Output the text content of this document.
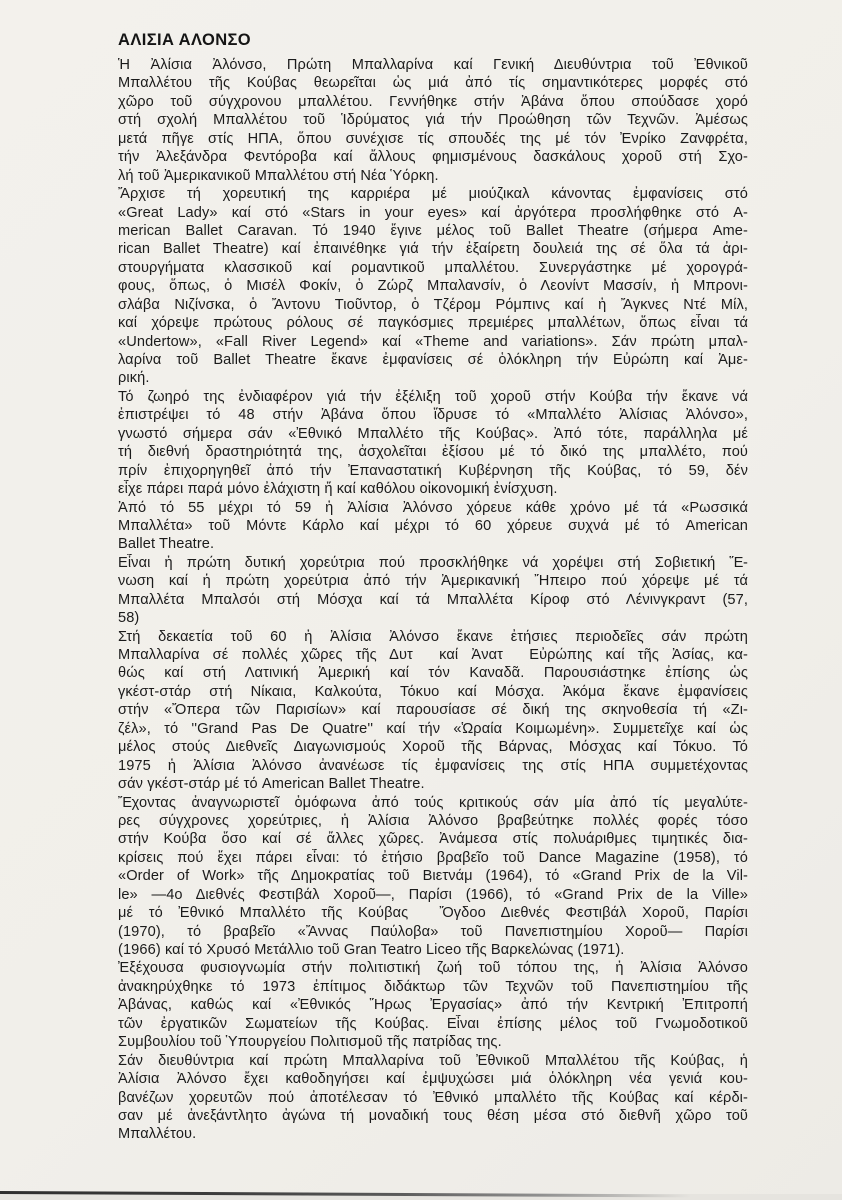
ΑΛΙΣΙΑ ΑΛΟΝΣΟ
Ἡ Ἀλίσια Ἀλόνσο, Πρώτη Μπαλλαρίνα καί Γενική Διευθύντρια τοῦ Ἐθνικοῦ
Μπαλλέτου τῆς Κούβας θεωρεῖται ὡς μιά ἀπό τίς σημαντικότερες μορφές στό
χῶρο τοῦ σύγχρονου μπαλλέτου. Γεννήθηκε στήν Ἀβάνα ὅπου σπούδασε χορό
στή σχολή Μπαλλέτου τοῦ Ἱδρύματος γιά τήν Προώθηση τῶν Τεχνῶν. Ἀμέσως
μετά πῆγε στίς ΗΠΑ, ὅπου συνέχισε τίς σπουδές της μέ τόν Ἐνρίκο Ζανφρέτα,
τήν Ἀλεξάνδρα Φεντόροβα καί ἄλλους φημισμένους δασκάλους χοροῦ στή Σχο-
λή τοῦ Ἀμερικανικοῦ Μπαλλέτου στή Νέα Ὑόρκη.
Ἄρχισε τή χορευτική της καρριέρα μέ μιούζικαλ κάνοντας ἐμφανίσεις στό
«Great Lady» καί στό «Stars in your eyes» καί ἀργότερα προσλήφθηκε στό A-
merican Ballet Caravan. Τό 1940 ἔγινε μέλος τοῦ Ballet Theatre (σήμερα Ame-
rican Ballet Theatre) καί ἐπαινέθηκε γιά τήν ἐξαίρετη δουλειά της σέ ὅλα τά ἀρι-
στουργήματα κλασσικοῦ καί ρομαντικοῦ μπαλλέτου. Συνεργάστηκε μέ χορογρά-
φους, ὅπως, ὁ Μισέλ Φοκίν, ὁ Ζώρζ Μπαλανσίν, ὁ Λεονίντ Μασσίν, ἡ Μπρονι-
σλάβα Νιζίνσκα, ὁ Ἄντονυ Τιοῦντορ, ὁ Τζέρομ Ρόμπινς καί ἡ Ἄγκνες Ντέ Μίλ,
καί χόρεψε πρώτους ρόλους σέ παγκόσμιες πρεμιέρες μπαλλέτων, ὅπως εἶναι τά
«Undertow», «Fall River Legend» καί «Theme and variations». Σάν πρώτη μπαλ-
λαρίνα τοῦ Ballet Theatre ἔκανε ἐμφανίσεις σέ ὁλόκληρη τήν Εὐρώπη καί Ἀμε-
ρική.
Τό ζωηρό της ἐνδιαφέρον γιά τήν ἐξέλιξη τοῦ χοροῦ στήν Κούβα τήν ἔκανε νά
ἐπιστρέψει τό 48 στήν Ἀβάνα ὅπου ἵδρυσε τό «Μπαλλέτο Ἀλίσιας Ἀλόνσο»,
γνωστό σήμερα σάν «Ἐθνικό Μπαλλέτο τῆς Κούβας». Ἀπό τότε, παράλληλα μέ
τή διεθνή δραστηριότητά της, ἀσχολεῖται ἐξίσου μέ τό δικό της μπαλλέτο, πού
πρίν ἐπιχορηγηθεῖ ἀπό τήν Ἐπαναστατική Κυβέρνηση τῆς Κούβας, τό 59, δέν
εἶχε πάρει παρά μόνο ἐλάχιστη ἤ καί καθόλου οἰκονομική ἐνίσχυση.
Ἀπό τό 55 μέχρι τό 59 ἡ Ἀλίσια Ἀλόνσο χόρευε κάθε χρόνο μέ τά «Ρωσσικά
Μπαλλέτα» τοῦ Μόντε Κάρλο καί μέχρι τό 60 χόρευε συχνά μέ τό American
Ballet Theatre.
Εἶναι ἡ πρώτη δυτική χορεύτρια πού προσκλήθηκε νά χορέψει στή Σοβιετική Ἕ-
νωση καί ἡ πρώτη χορεύτρια ἀπό τήν Ἀμερικανική Ἤπειρο πού χόρεψε μέ τά
Μπαλλέτα Μπαλσόι στή Μόσχα καί τά Μπαλλέτα Κίροφ στό Λένινγκραντ (57,
58)
Στή δεκαετία τοῦ 60 ἡ Ἀλίσια Ἀλόνσο ἔκανε ἐτήσιες περιοδεῖες σάν πρώτη
Μπαλλαρίνα σέ πολλές χῶρες τῆς Δυτ  καί Ἀνατ  Εὐρώπης καί τῆς Ἀσίας, κα-
θώς καί στή Λατινική Ἀμερική καί τόν Καναδᾶ. Παρουσιάστηκε ἐπίσης ὡς
γκέστ-στάρ στή Νίκαια, Καλκούτα, Τόκυο καί Μόσχα. Ἀκόμα ἔκανε ἐμφανίσεις
στήν «Ὄπερα τῶν Παρισίων» καί παρουσίασε σέ δική της σκηνοθεσία τή «Ζι-
ζέλ», τό ''Grand Pas De Quatre'' καί τήν «Ὡραία Κοιμωμένη». Συμμετεῖχε καί ὡς
μέλος στούς Διεθνεῖς Διαγωνισμούς Χοροῦ τῆς Βάρνας, Μόσχας καί Τόκυο. Τό
1975 ἡ Ἀλίσια Ἀλόνσο ἀνανέωσε τίς ἐμφανίσεις της στίς ΗΠΑ συμμετέχοντας
σάν γκέστ-στάρ μέ τό American Ballet Theatre.
Ἔχοντας ἀναγνωριστεῖ ὁμόφωνα ἀπό τούς κριτικούς σάν μία ἀπό τίς μεγαλύτε-
ρες σύγχρονες χορεύτριες, ἡ Ἀλίσια Ἀλόνσο βραβεύτηκε πολλές φορές τόσο
στήν Κούβα ὅσο καί σέ ἄλλες χῶρες. Ἀνάμεσα στίς πολυάριθμες τιμητικές δια-
κρίσεις πού ἔχει πάρει εἶναι: τό ἐτήσιο βραβεῖο τοῦ Dance Magazine (1958), τό
«Order of Work» τῆς Δημοκρατίας τοῦ Βιετνάμ (1964), τό «Grand Prix de la Vil-
le» —4ο Διεθνές Φεστιβάλ Χοροῦ—, Παρίσι (1966), τό «Grand Prix de la Ville»
μέ τό Ἐθνικό Μπαλλέτο τῆς Κούβας  Ὄγδοο Διεθνές Φεστιβάλ Χοροῦ, Παρίσι
(1970), τό βραβεῖο «Ἄννας Παύλοβα» τοῦ Πανεπιστημίου Χοροῦ— Παρίσι
(1966) καί τό Χρυσό Μετάλλιο τοῦ Gran Teatro Liceo τῆς Βαρκελώνας (1971).
Ἐξέχουσα φυσιογνωμία στήν πολιτιστική ζωή τοῦ τόπου της, ἡ Ἀλίσια Ἀλόνσο
ἀνακηρύχθηκε τό 1973 ἐπίτιμος διδάκτωρ τῶν Τεχνῶν τοῦ Πανεπιστημίου τῆς
Ἀβάνας, καθώς καί «Ἐθνικός Ἥρως Ἐργασίας» ἀπό τήν Κεντρική Ἐπιτροπή
τῶν ἐργατικῶν Σωματείων τῆς Κούβας. Εἶναι ἐπίσης μέλος τοῦ Γνωμοδοτικοῦ
Συμβουλίου τοῦ Ὑπουργείου Πολιτισμοῦ τῆς πατρίδας της.
Σάν διευθύντρια καί πρώτη Μπαλλαρίνα τοῦ Ἐθνικοῦ Μπαλλέτου τῆς Κούβας, ἡ
Ἀλίσια Ἀλόνσο ἔχει καθοδηγήσει καί ἐμψυχώσει μιά ὁλόκληρη νέα γενιά κου-
βανέζων χορευτῶν πού ἀποτέλεσαν τό Ἐθνικό μπαλλέτο τῆς Κούβας καί κέρδι-
σαν μέ ἀνεξάντλητο ἀγώνα τή μοναδική τους θέση μέσα στό διεθνῆ χῶρο τοῦ
Μπαλλέτου.
